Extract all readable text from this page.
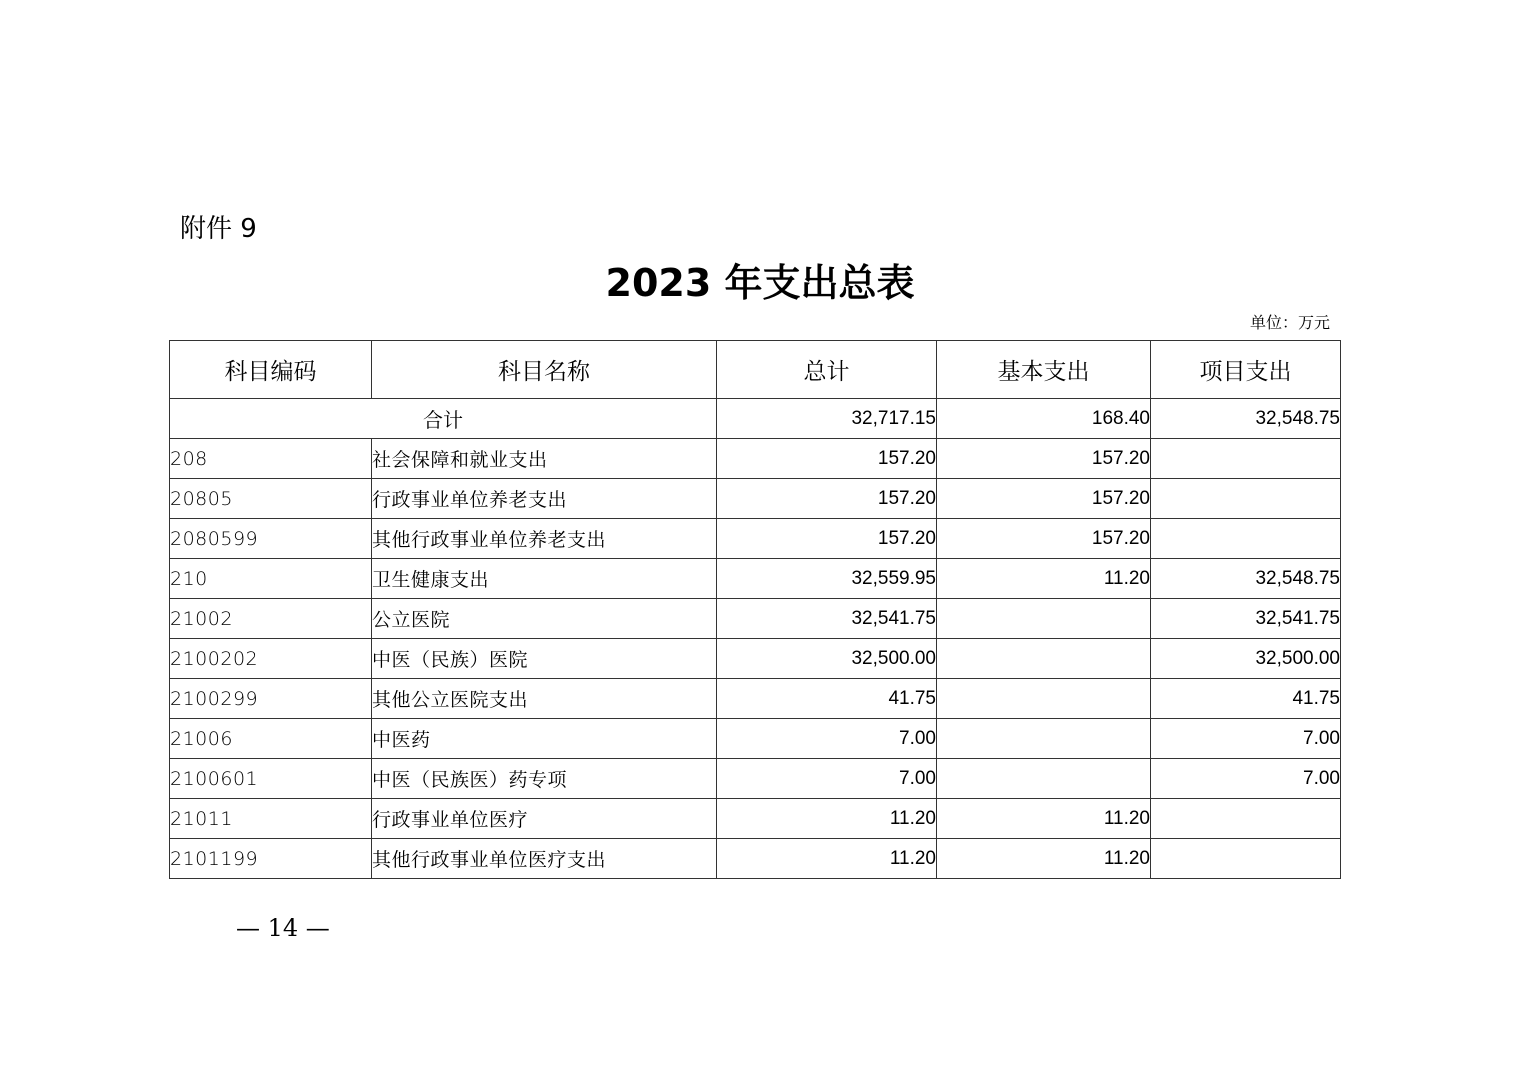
附件 9
2023 年支出总表
单位：万元
科目编码	科目名称	总计	基本支出	项目支出
合计		32,717.15	168.40	32,548.75
208	社会保障和就业支出	157.20	157.20	
20805	行政事业单位养老支出	157.20	157.20	
2080599	其他行政事业单位养老支出	157.20	157.20	
210	卫生健康支出	32,559.95	11.20	32,548.75
21002	公立医院	32,541.75		32,541.75
2100202	中医（民族）医院	32,500.00		32,500.00
2100299	其他公立医院支出	41.75		41.75
21006	中医药	7.00		7.00
2100601	中医（民族医）药专项	7.00		7.00
21011	行政事业单位医疗	11.20	11.20	
2101199	其他行政事业单位医疗支出	11.20	11.20	
— 14 —
